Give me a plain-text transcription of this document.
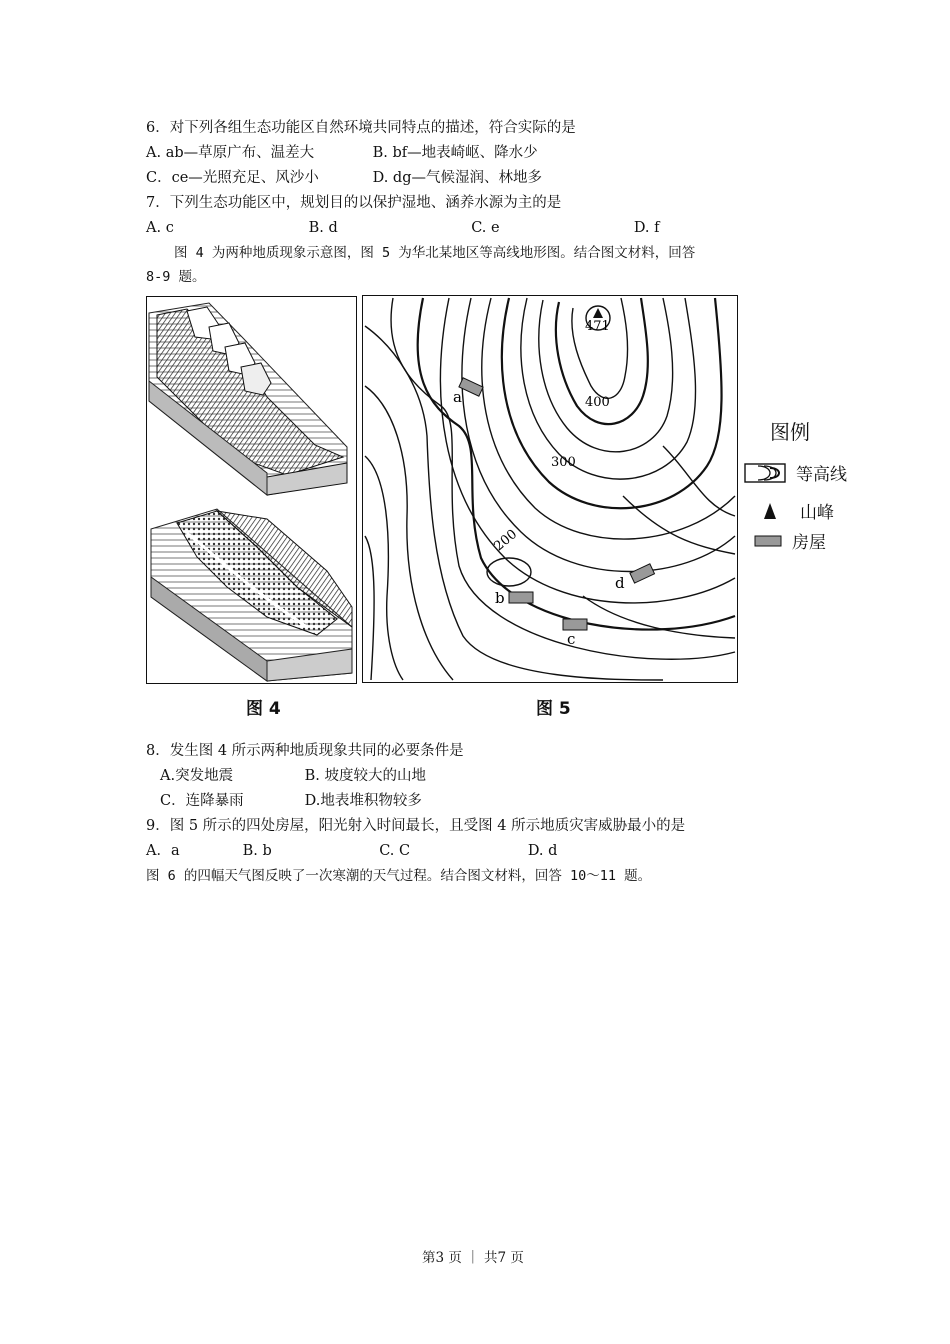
6．对下列各组生态功能区自然环境共同特点的描述，符合实际的是
A. ab—草原广布、温差大	B. bf—地表崎岖、降水少
C．ce—光照充足、风沙小	D. dg—气候湿润、林地多
7．下列生态功能区中，规划目的以保护湿地、涵养水源为主的是
A. c	B. d	C. e	D. f
图 4 为两种地质现象示意图，图 5 为华北某地区等高线地形图。结合图文材料，回答
8-9 题。
471
400
300
200
a
b
c
d
图例
等高线
山峰
房屋
图 4	图 5
8．发生图 4 所示两种地质现象共同的必要条件是
A.突发地震	B. 坡度较大的山地
C．连降暴雨	D.地表堆积物较多
9．图 5 所示的四处房屋，阳光射入时间最长，且受图 4 所示地质灾害威胁最小的是
A．a	B. b	C. C	D. d
图 6 的四幅天气图反映了一次寒潮的天气过程。结合图文材料，回答 10～11 题。
第3 页 ｜ 共7 页
